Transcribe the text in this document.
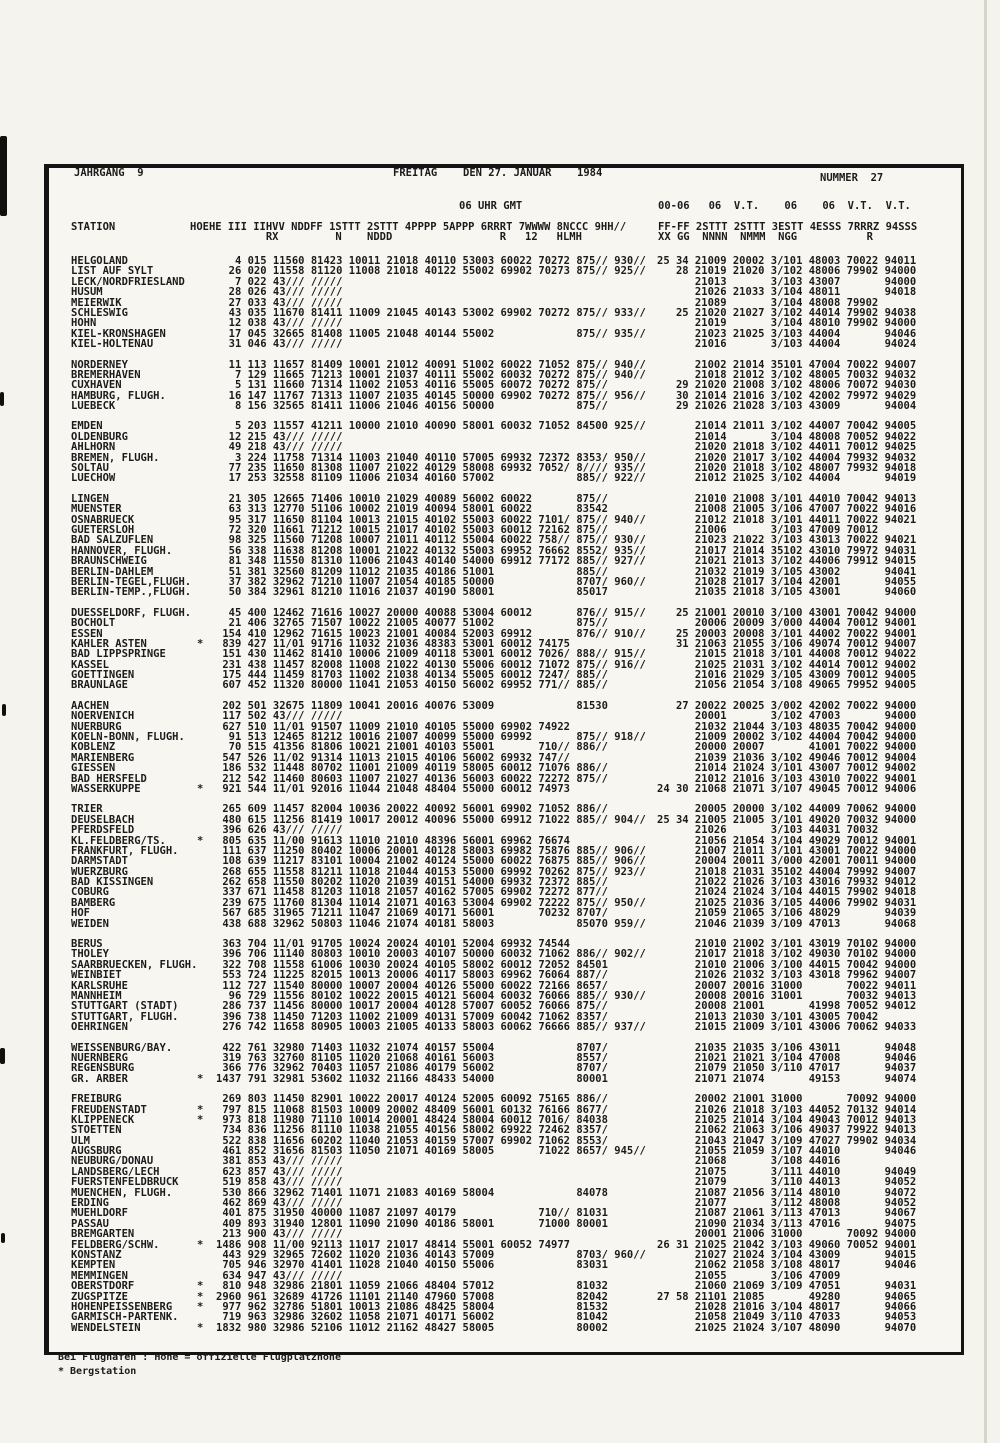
JAHRGANG  9	FREITAG DEN 27. JANUAR 1984	NUMMER  27
06 UHR GMT	00-06   06  V.T.    06    06  V.T.  V.T.
STATION	HOEHE III IIHVV NDDFF 1STTT 2STTT 4PPPP 5APPP 6RRRT 7WWWW 8NCCC 9HH//	FF-FF 2STTT 2STTT 3ESTT 4ESSS 7RRRZ 94SSS
RX         N    NDDD                 R   12   HLMH	XX GG  NNNN  NMMM  NGG           R
HELGOLAND	4 015 11560 81423 10011 21018 40110 53003 60022 70272 875// 930// 25 34 21009 20002 3/101 48003 70022 94011
LIST AUF SYLT	26 020 11558 81120 11008 21018 40122 55002 69902 70273 875// 925//   28 21019 21020 3/102 48006 79902 94000
LECK/NORDFRIESLAND	7 022 43/// /////	21013       3/103 43007       94000
HUSUM	28 026 43/// /////	21026 21033 3/104 48011       94018
MEIERWIK	27 033 43/// /////	21089       3/104 48008 79902
SCHLESWIG	43 035 11670 81411 11009 21045 40143 53002 69902 70272 875// 933//   25 21020 21027 3/102 44014 79902 94038
HOHN	12 038 43/// /////	21019       3/104 48010 79902 94000
KIEL-KRONSHAGEN	17 045 32665 81408 11005 21048 40144 55002             875// 935//      21023 21025 3/103 44004       94046
KIEL-HOLTENAU	31 046 43/// /////	21016       3/103 44004       94024
NORDERNEY	11 113 11657 81409 10001 21012 40091 51002 60022 71052 875// 940//      21002 21014 35101 47004 70022 94007
BREMERHAVEN	7 129 11665 71213 10001 21037 40111 55002 60032 70272 875// 940//      21018 21012 3/102 48005 70032 94032
CUXHAVEN	5 131 11660 71314 11002 21053 40116 55005 60072 70272 875//	29 21020 21008 3/102 48006 70072 94030
HAMBURG, FLUGH.	16 147 11767 71313 11007 21035 40145 50000 69902 70272 875// 956//   30 21014 21016 3/102 42002 79972 94029
LUEBECK	8 156 32565 81411 11006 21046 40156 50000             875//	29 21026 21028 3/103 43009       94004
EMDEN	5 203 11557 41211 10000 21010 40090 58001 60032 71052 84500 925//      21014 21011 3/102 44007 70042 94005
OLDENBURG	12 215 43/// /////	21014       3/104 48008 70052 94022
AHLHORN	49 218 43/// /////	21020 21018 3/102 44011 70012 94025
BREMEN, FLUGH.	3 224 11758 71314 11003 21040 40110 57005 69932 72372 8353/ 950//      21020 21017 3/102 44004 79932 94032
SOLTAU	77 235 11650 81308 11007 21022 40129 58008 69932 7052/ 8//// 935//      21020 21018 3/102 48007 79932 94018
LUECHOW	17 253 32558 81109 11006 21034 40160 57002             885// 922//      21012 21025 3/102 44004       94019
LINGEN	21 305 12665 71406 10010 21029 40089 56002 60022       875//	21010 21008 3/101 44010 70042 94013
MUENSTER	63 313 12770 51106 10002 21019 40094 58001 60022       83542	21008 21005 3/106 47007 70022 94016
OSNABRUECK	95 317 11650 81104 10013 21015 40102 55003 60022 7101/ 875// 940//      21012 21018 3/101 44011 70022 94021
GUETERSLOH	72 320 11661 71212 10015 21017 40102 55003 60012 72162 875//	21006       3/103 47009 70012
BAD SALZUFLEN	98 325 11560 71208 10007 21011 40112 55004 60022 758// 875// 930//      21023 21022 3/103 43013 70022 94021
HANNOVER, FLUGH.	56 338 11638 81208 10001 21022 40132 55003 69952 76662 8552/ 935//      21017 21014 35102 43010 79972 94031
BRAUNSCHWEIG	81 348 11550 81310 11006 21043 40140 54000 69912 77172 885// 927//      21021 21013 3/102 44006 79912 94015
BERLIN-DAHLEM	51 381 32560 81209 11012 21035 40186 51001             885//	21032 21019 3/105 43002       94041
BERLIN-TEGEL,FLUGH.  37 382 32962 71210 11007 21054 40185 50000             8707/ 960//      21028 21017 3/104 42001       94055
BERLIN-TEMP.,FLUGH.  50 384 32961 81210 11016 21037 40190 58001             85017	21035 21018 3/105 43001       94060
DUESSELDORF, FLUGH.  45 400 12462 71616 10027 20000 40088 53004 60012       876// 915//   25 21001 20010 3/100 43001 70042 94000
BOCHOLT	21 406 32765 71507 10022 21005 40077 51002             875//	20006 20009 3/000 44004 70012 94001
ESSEN	154 410 12962 71615 10023 21001 40084 52003 69912       876// 910//   25 20003 20008 3/101 44002 70022 94001
KAHLER ASTEN	* 839 427 11/01 91716 11032 21036 48383 53001 60012 74175	31 21063 21055 3/106 49074 70012 94007
BAD LIPPSPRINGE	151 430 11462 81410 10006 21009 40118 53001 60012 7026/ 888// 915//      21015 21018 3/101 44008 70012 94022
KASSEL	231 438 11457 82008 11008 21022 40130 55006 60012 71072 875// 916//      21025 21031 3/102 44014 70012 94002
GOETTINGEN	175 444 11459 81703 11002 21038 40134 55005 60012 7247/ 885//	21016 21029 3/105 43009 70012 94005
BRAUNLAGE	607 452 11320 80000 11041 21053 40150 56002 69952 771// 885//	21056 21054 3/108 49065 79952 94005
AACHEN	202 501 32675 11809 10041 20016 40076 53009             81530	27 20022 20025 3/002 42002 70022 94000
NOERVENICH	117 502 43/// /////	20001       3/102 47003       94000
NUERBURG	627 510 11/01 91507 11009 21010 40105 55000 69902 74922	21032 21044 3/103 48035 70042 94000
KOELN-BONN, FLUGH.	91 513 12465 81212 10016 21007 40099 55000 69992       875// 918//      21009 20002 3/102 44004 70042 94000
KOBLENZ	70 515 41356 81806 10021 21001 40103 55001       710// 886//	20000 20007       41001 70022 94000
MARIENBERG	547 526 11/02 91314 11013 21015 40106 56002 69932 747//	21039 21036 3/102 49046 70012 94004
GIESSEN	186 532 11448 80702 11001 21009 40119 58005 60012 71076 886//	21014 21024 3/101 43007 70012 94002
BAD HERSFELD	212 542 11460 80603 11007 21027 40136 56003 60022 72272 875//	21012 21016 3/103 43010 70022 94001
WASSERKUPPE	* 921 544 11/01 92016 11044 21048 48404 55000 60012 74973	24 30 21068 21071 3/107 49045 70012 94006
TRIER	265 609 11457 82004 10036 20022 40092 56001 69902 71052 886//	20005 20000 3/102 44009 70062 94000
DEUSELBACH	480 615 11256 81419 10017 20012 40096 55000 69912 71022 885// 904// 25 34 21005 21005 3/101 49020 70032 94000
PFERDSFELD	396 626 43/// /////	21026       3/103 44031 70032
KL.FELDBERG/TS.	* 805 635 11/00 91613 11010 21010 48396 56001 69962 76674	21056 21054 3/104 49029 70012 94001
FRANKFURT, FLUGH.	111 637 11250 80402 10006 20001 40128 58003 69982 75876 885// 906//      21007 21011 3/101 43001 70022 94000
DARMSTADT	108 639 11217 83101 10004 21002 40124 55000 60022 76875 885// 906//      20004 20011 3/000 42001 70011 94000
WUERZBURG	268 655 11558 81211 11018 21044 40153 55000 69992 70262 875// 923//      21018 21031 35102 44004 79992 94007
BAD KISSINGEN	262 658 11550 80202 11020 21039 40151 54000 69932 72372 885//	21022 21026 3/103 43016 79932 94012
COBURG	337 671 11458 81203 11018 21057 40162 57005 69902 72272 877//	21024 21024 3/104 44015 79902 94018
BAMBERG	239 675 11760 81304 11014 21071 40163 53004 69902 72222 875// 950//      21025 21036 3/105 44006 79902 94031
HOF	567 685 31965 71211 11047 21069 40171 56001       70232 8707/	21059 21065 3/106 48029       94039
WEIDEN	438 688 32962 50803 11046 21074 40181 58003             85070 959//      21046 21039 3/109 47013       94068
BERUS	363 704 11/01 91705 10024 20024 40101 52004 69932 74544	21010 21002 3/101 43019 70102 94000
THOLEY	396 706 11140 80803 10010 20003 40107 50000 60032 71062 886// 902//      21017 21018 3/102 49030 70102 94000
SAARBRUECKEN, FLUGH. 322 708 11558 61006 10030 20024 40105 58002 60012 72052 84501	21010 21006 3/100 44015 70042 94000
WEINBIET	553 724 11225 82015 10013 20006 40117 58003 69962 76064 887//	21026 21032 3/103 43018 79962 94007
KARLSRUHE	112 727 11540 80000 10007 20004 40126 55000 60022 72166 8657/	20007 20016 31000       70022 94011
MANNHEIM	96 729 11556 80102 10022 20015 40121 56004 60032 76066 885// 930//      20008 20016 31001       70032 94013
STUTTGART (STADT)	286 737 11456 80000 10017 20004 40128 57007 60052 76066 875//	20008 21001       41998 70052 94012
STUTTGART, FLUGH.	396 738 11450 71203 11002 21009 40131 57009 60042 71062 8357/	21013 21030 3/101 43005 70042
OEHRINGEN	276 742 11658 80905 10003 21005 40133 58003 60062 76666 885// 937//      21015 21009 3/101 43006 70062 94033
WEISSENBURG/BAY.	422 761 32980 71403 11032 21074 40157 55004             8707/	21035 21035 3/106 43011       94048
NUERNBERG	319 763 32760 81105 11020 21068 40161 56003             8557/	21021 21021 3/104 47008       94046
REGENSBURG	366 776 32962 70403 11057 21086 40179 56002             8707/	21079 21050 3/110 47017       94037
GR. ARBER	* 1437 791 32981 53602 11032 21166 48433 54000             80001	21071 21074       49153       94074
FREIBURG	269 803 11450 82901 10022 20017 40124 52005 60092 75165 886//	20002 21001 31000       70092 94000
FREUDENSTADT	* 797 815 11068 81503 10009 20002 48409 56001 60132 76166 8677/	21026 21018 3/103 44052 70132 94014
KLIPPENECK	* 973 818 11980 71110 10014 20001 48424 58004 60012 7016/ 84038	21025 21014 3/104 49043 70012 94013
STOETTEN	734 836 11256 81110 11038 21055 40156 58002 69922 72462 8357/	21062 21063 3/106 49037 79922 94013
ULM	522 838 11656 60202 11040 21053 40159 57007 69902 71062 8553/	21043 21047 3/109 47027 79902 94034
AUGSBURG	461 852 31656 81503 11050 21071 40169 58005       71022 8657/ 945//      21055 21059 3/107 44010       94046
NEUBURG/DONAU	381 853 43/// /////	21068       3/108 44016
LANDSBERG/LECH	623 857 43/// /////	21075       3/111 44010       94049
FUERSTENFELDBRUCK	519 858 43/// /////	21079       3/110 44013       94052
MUENCHEN, FLUGH.	530 866 32962 71401 11071 21083 40169 58004             84078	21087 21056 3/114 48010       94072
ERDING	462 869 43/// /////	21077       3/112 48008       94052
MUEHLDORF	401 875 31950 40000 11087 21097 40179             710// 81031	21087 21061 3/113 47013       94067
PASSAU	409 893 31940 12801 11090 21090 40186 58001       71000 80001	21090 21034 3/113 47016       94075
BREMGARTEN	213 900 43/// /////	20001 21006 31000       70092 94000
FELDBERG/SCHW.	* 1486 908 11/00 92113 11017 21017 48414 55001 60052 74977	26 31 21025 21042 3/103 49060 70052 94001
KONSTANZ	443 929 32965 72602 11020 21036 40143 57009             8703/ 960//      21027 21024 3/104 43009       94015
KEMPTEN	705 946 32970 41401 11028 21040 40150 55006             83031	21062 21058 3/108 48017       94046
MEMMINGEN	634 947 43/// /////	21055       3/106 47009
OBERSTDORF	* 810 948 32986 21801 11059 21066 48404 57012             81032	21060 21069 3/109 47051       94031
ZUGSPITZE	* 2960 961 32689 41726 11101 21140 47960 57008             82042	27 58 21101 21085       49280       94065
HOHENPEISSENBERG * 977 962 32786 51801 10013 21086 48425 58004             81532	21028 21016 3/104 48017       94066
GARMISCH-PARTENK.	719 963 32986 32602 11058 21071 40171 56002             81042	21058 21049 3/110 47033       94053
WENDELSTEIN	* 1832 980 32986 52106 11012 21162 48427 58005             80002	21025 21024 3/107 48090       94070
Bei Flughäfen : Höhe = offizielle Flugplatzhöhe
* Bergstation
